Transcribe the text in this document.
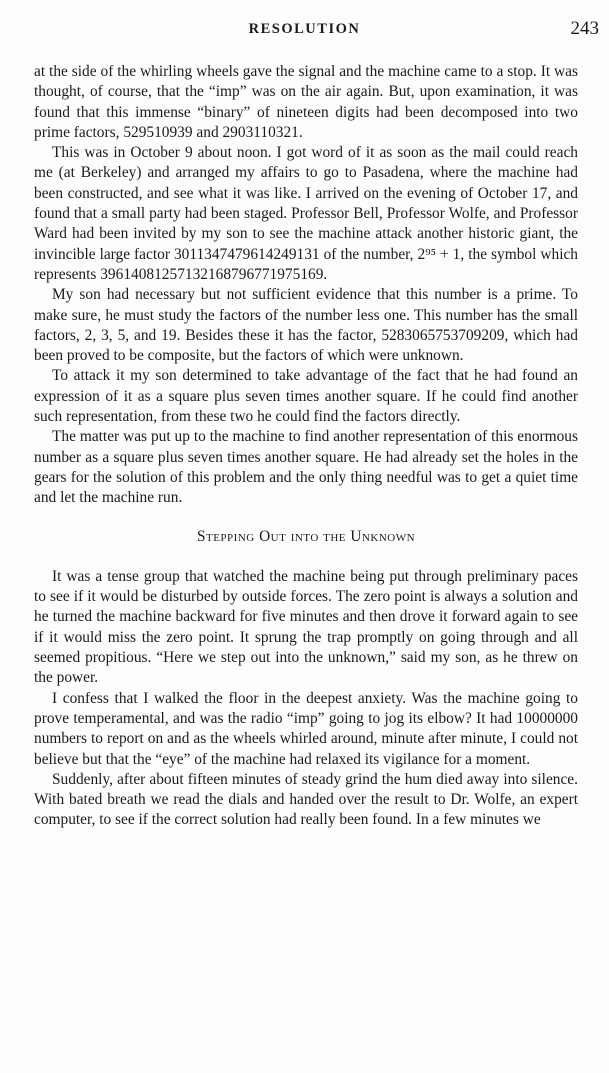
RESOLUTION	243

at the side of the whirling wheels gave the signal and the machine came to a stop. It was thought, of course, that the “imp” was on the air again. But, upon examination, it was found that this immense “binary” of nineteen digits had been decomposed into two prime factors, 529510939 and 2903110321.

This was in October 9 about noon. I got word of it as soon as the mail could reach me (at Berkeley) and arranged my affairs to go to Pasadena, where the machine had been constructed, and see what it was like. I arrived on the evening of October 17, and found that a small party had been staged. Professor Bell, Professor Wolfe, and Professor Ward had been invited by my son to see the machine attack another historic giant, the invincible large factor 3011347479614249131 of the number, 2⁹⁵ + 1, the symbol which represents 39614081257132168796771975169.

My son had necessary but not sufficient evidence that this number is a prime. To make sure, he must study the factors of the number less one. This number has the small factors, 2, 3, 5, and 19. Besides these it has the factor, 5283065753709209, which had been proved to be composite, but the factors of which were unknown.

To attack it my son determined to take advantage of the fact that he had found an expression of it as a square plus seven times another square. If he could find another such representation, from these two he could find the factors directly.

The matter was put up to the machine to find another representation of this enormous number as a square plus seven times another square. He had already set the holes in the gears for the solution of this problem and the only thing needful was to get a quiet time and let the machine run.

Stepping Out into the Unknown

It was a tense group that watched the machine being put through preliminary paces to see if it would be disturbed by outside forces. The zero point is always a solution and he turned the machine backward for five minutes and then drove it forward again to see if it would miss the zero point. It sprung the trap promptly on going through and all seemed propitious. “Here we step out into the unknown,” said my son, as he threw on the power.

I confess that I walked the floor in the deepest anxiety. Was the machine going to prove temperamental, and was the radio “imp” going to jog its elbow? It had 10000000 numbers to report on and as the wheels whirled around, minute after minute, I could not believe but that the “eye” of the machine had relaxed its vigilance for a moment.

Suddenly, after about fifteen minutes of steady grind the hum died away into silence. With bated breath we read the dials and handed over the result to Dr. Wolfe, an expert computer, to see if the correct solution had really been found. In a few minutes we
